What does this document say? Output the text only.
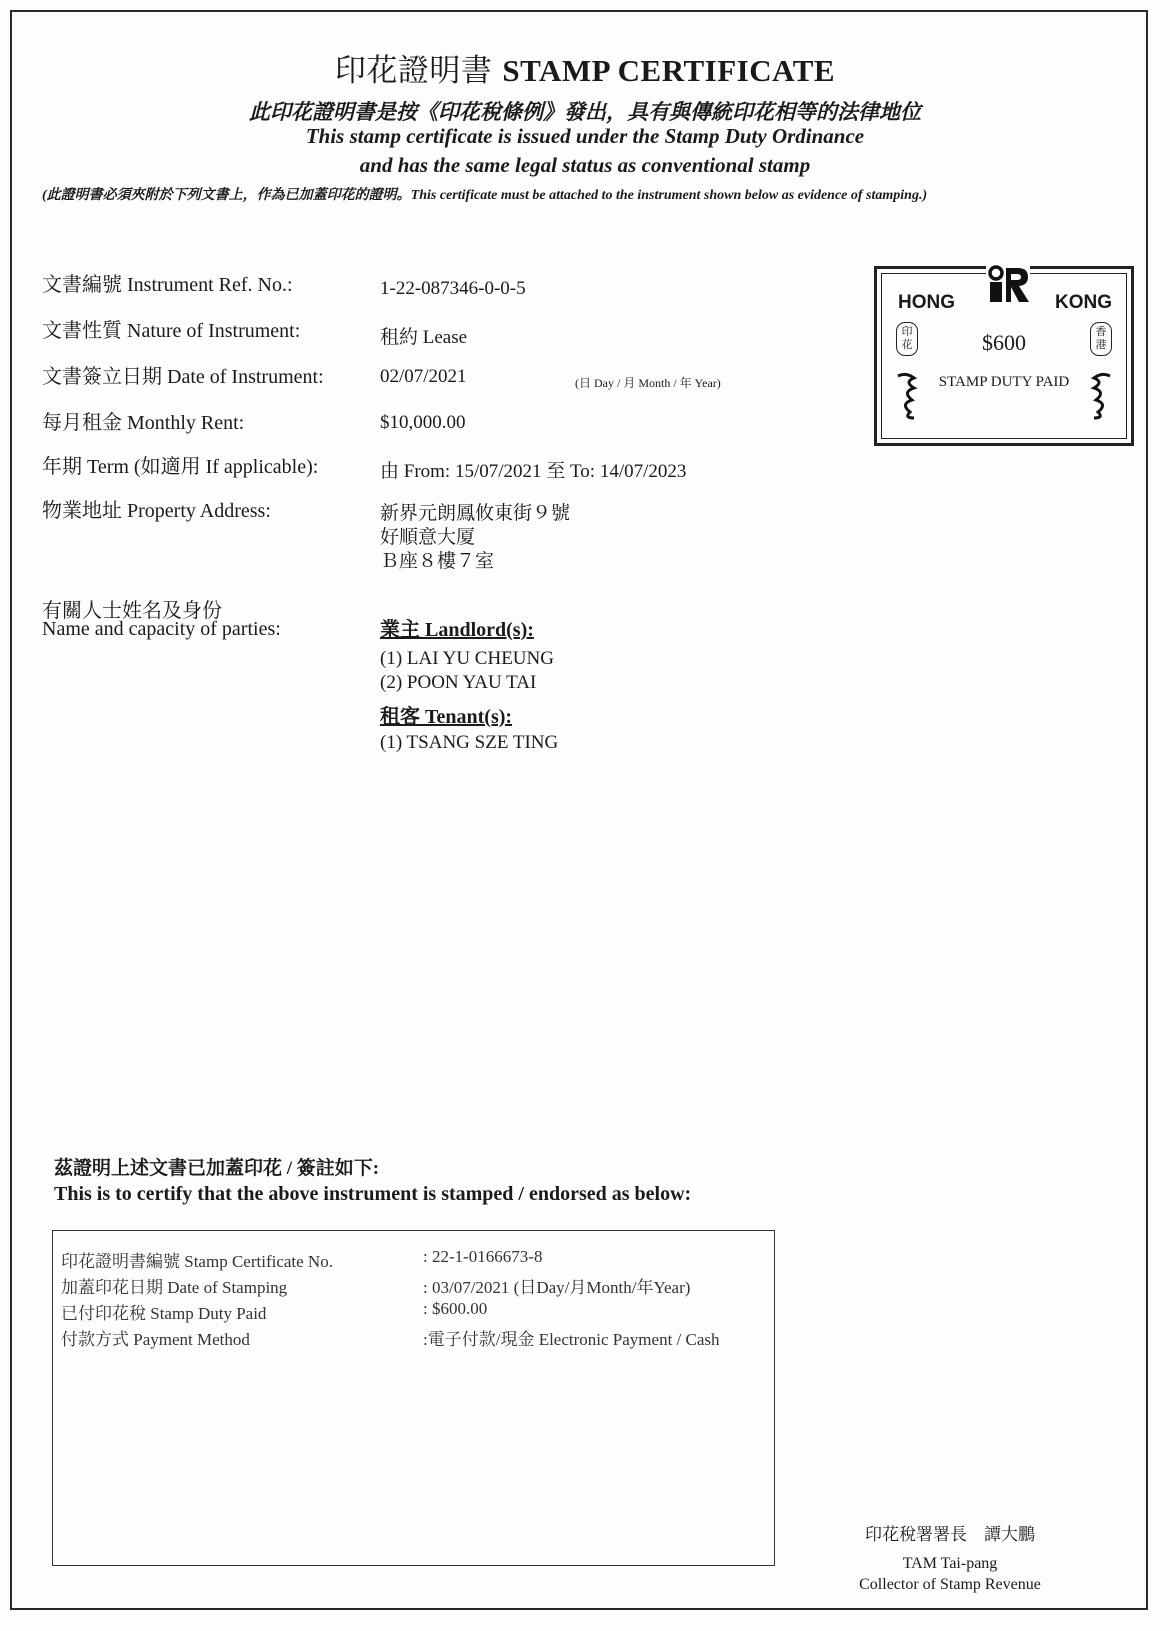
印花證明書 STAMP CERTIFICATE
此印花證明書是按《印花稅條例》發出，具有與傳統印花相等的法律地位
This stamp certificate is issued under the Stamp Duty Ordinance
and has the same legal status as conventional stamp
(此證明書必須夾附於下列文書上，作為已加蓋印花的證明。This certificate must be attached to the instrument shown below as evidence of stamping.)
文書編號 Instrument Ref. No.:	1-22-087346-0-0-5
文書性質 Nature of Instrument:	租約 Lease
文書簽立日期 Date of Instrument:	02/07/2021	(日 Day / 月 Month / 年 Year)
每月租金 Monthly Rent:	$10,000.00
年期 Term (如適用 If applicable):	由 From: 15/07/2021 至 To: 14/07/2023
物業地址 Property Address:	新界元朗鳳攸東街９號
好順意大厦
Ｂ座８樓７室
有關人士姓名及身份
Name and capacity of parties:	業主 Landlord(s):
(1) LAI YU CHEUNG
(2) POON YAU TAI
租客 Tenant(s):
(1) TSANG SZE TING
HONG	KONG
$600
STAMP DUTY PAID
印花
香港
茲證明上述文書已加蓋印花 / 簽註如下:
This is to certify that the above instrument is stamped / endorsed as below:
印花證明書編號 Stamp Certificate No.	: 22-1-0166673-8
加蓋印花日期 Date of Stamping	: 03/07/2021 (日Day/月Month/年Year)
已付印花稅 Stamp Duty Paid	: $600.00
付款方式 Payment Method	:電子付款/現金 Electronic Payment / Cash
印花稅署署長　譚大鵬
TAM Tai-pang
Collector of Stamp Revenue
